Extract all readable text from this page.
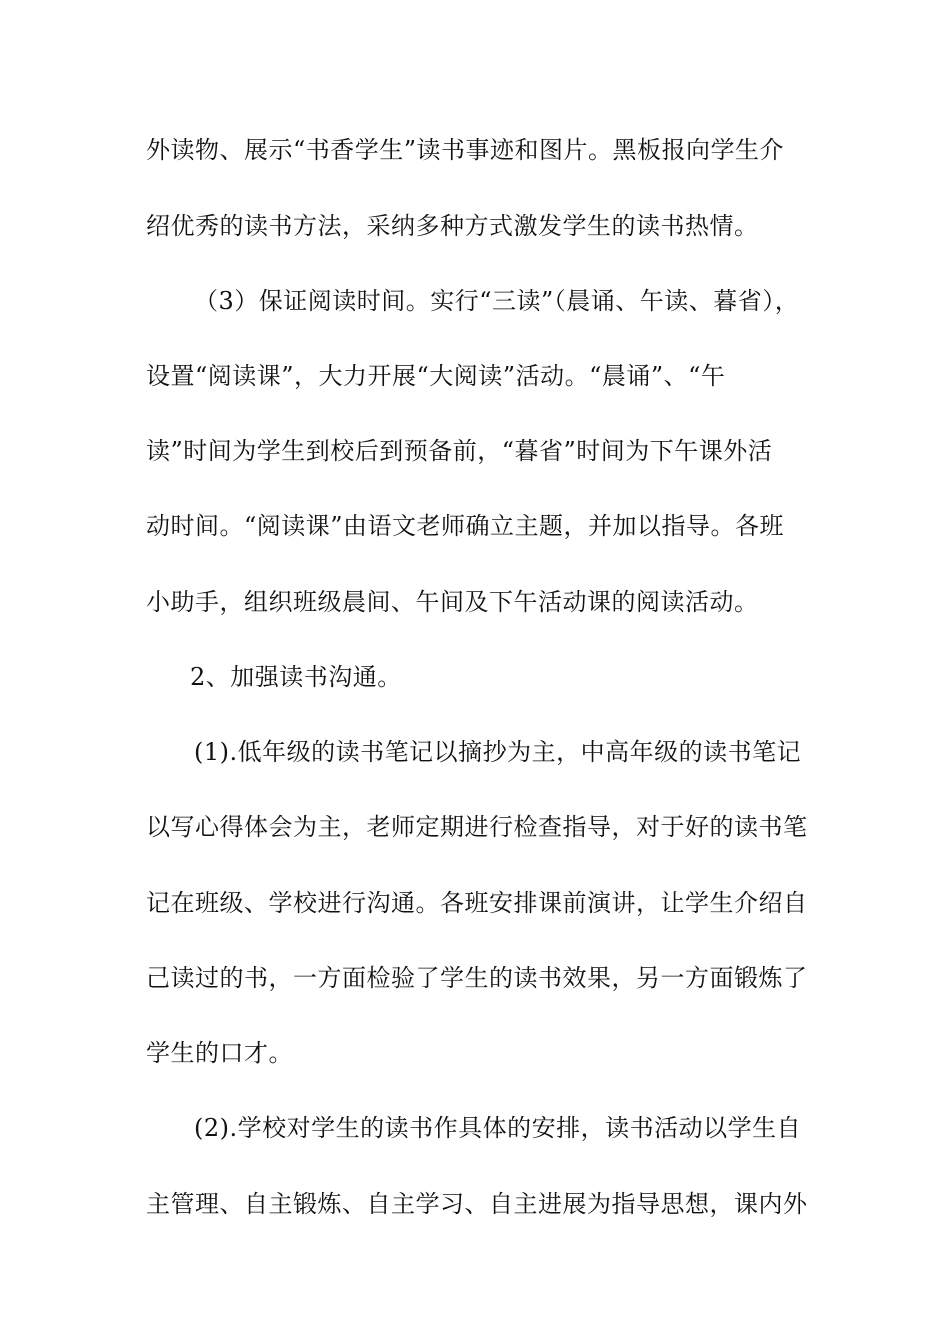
外读物、展示“书香学生”读书事迹和图片。黑板报向学生介
绍优秀的读书方法，采纳多种方式激发学生的读书热情。
（3）保证阅读时间。实行“三读”（晨诵、午读、暮省），
设置“阅读课”，大力开展“大阅读”活动。“晨诵”、“午
读”时间为学生到校后到预备前，“暮省”时间为下午课外活
动时间。“阅读课”由语文老师确立主题，并加以指导。各班
小助手，组织班级晨间、午间及下午活动课的阅读活动。
2、加强读书沟通。
(1).低年级的读书笔记以摘抄为主，中高年级的读书笔记
以写心得体会为主，老师定期进行检查指导，对于好的读书笔
记在班级、学校进行沟通。各班安排课前演讲，让学生介绍自
己读过的书，一方面检验了学生的读书效果，另一方面锻炼了
学生的口才。
(2).学校对学生的读书作具体的安排，读书活动以学生自
主管理、自主锻炼、自主学习、自主进展为指导思想，课内外
